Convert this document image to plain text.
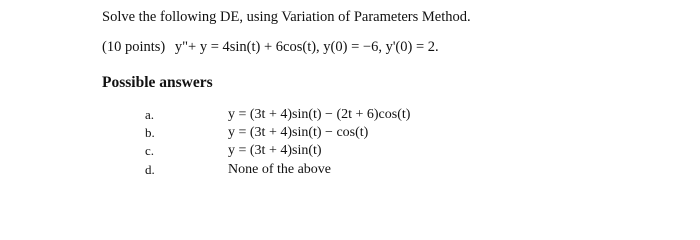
Solve the following DE, using Variation of Parameters Method.
(10 points) y"+ y = 4sin(t) + 6cos(t), y(0) = −6, y'(0) = 2.
Possible answers
a.	y = (3t + 4)sin(t) − (2t + 6)cos(t)
b.	y = (3t + 4)sin(t) − cos(t)
c.	y = (3t + 4)sin(t)
d.	None of the above
